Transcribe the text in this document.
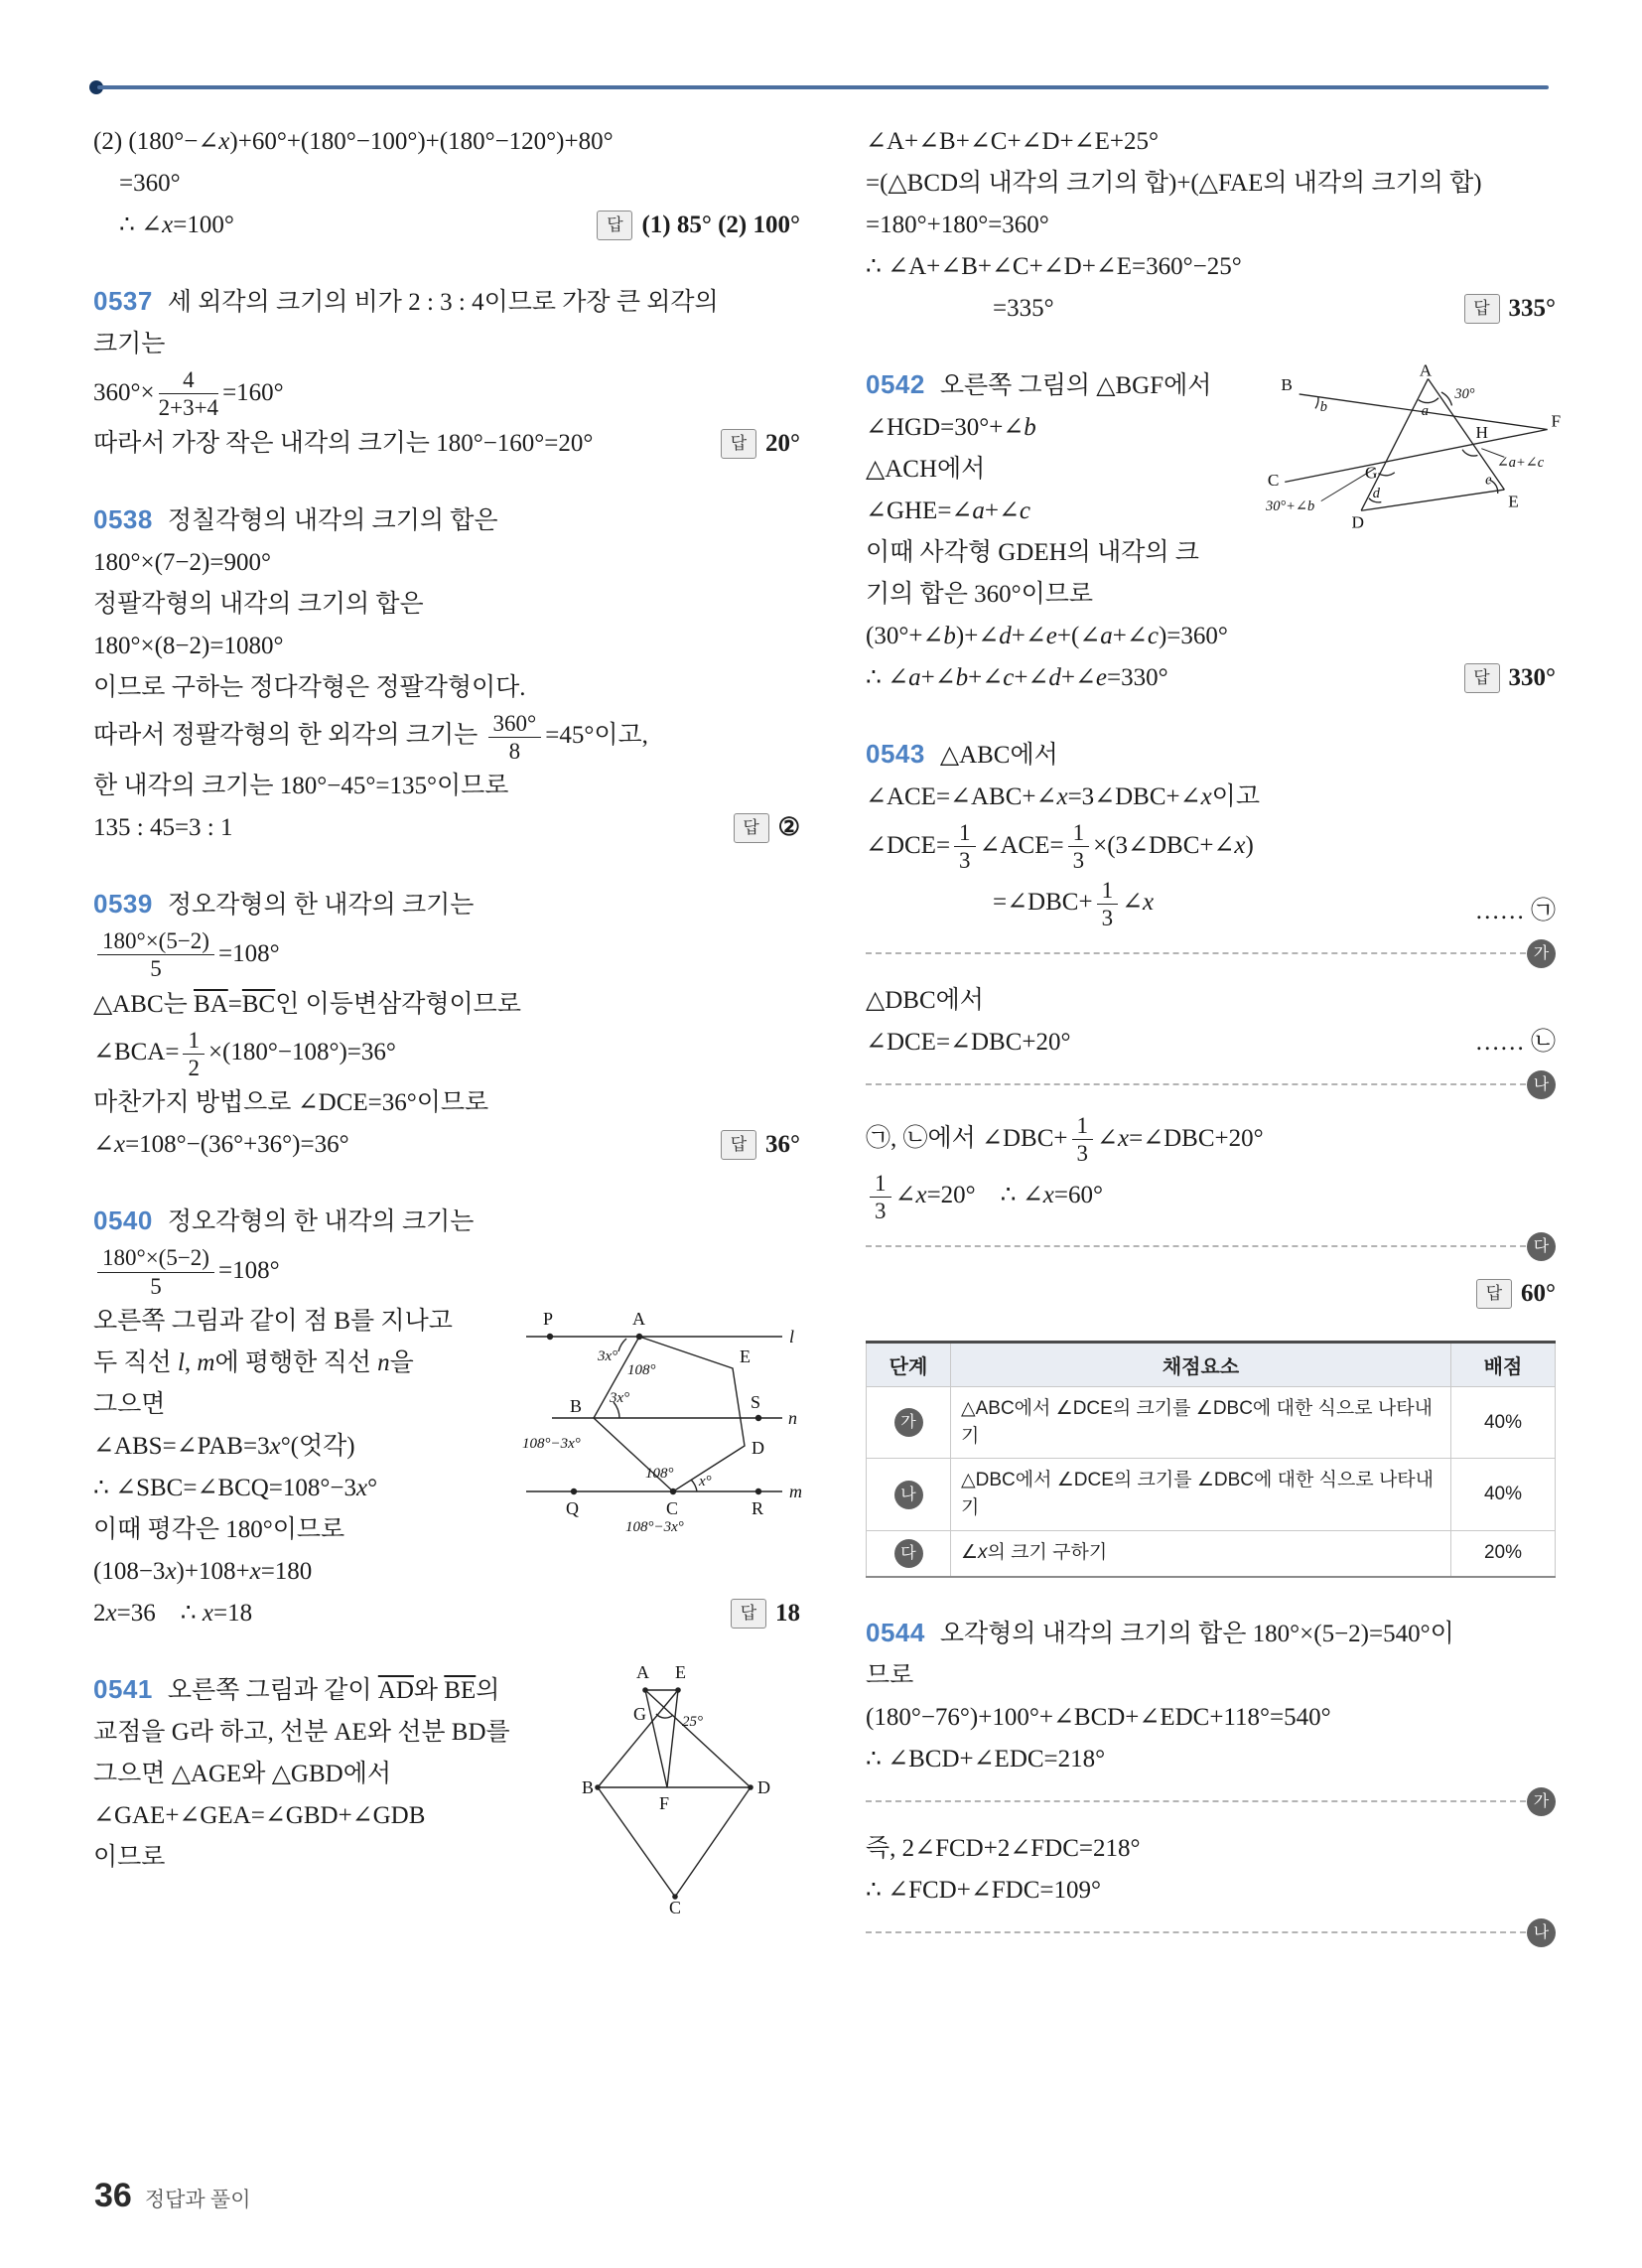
(2) (180°−∠x)+60°+(180°−100°)+(180°−120°)+80°
=360°
∴ ∠x=100°	답 (1) 85° (2) 100°
0537 세 외각의 크기의 비가 2 : 3 : 4이므로 가장 큰 외각의
크기는
$360^\circ\times \frac{4}{2+3+4} =160^\circ$
따라서 가장 작은 내각의 크기는 180°−160°=20°	답 20°
0538 정칠각형의 내각의 크기의 합은
180°×(7−2)=900°
정팔각형의 내각의 크기의 합은
180°×(8−2)=1080°
이므로 구하는 정다각형은 정팔각형이다.
따라서 정팔각형의 한 외각의 크기는 $\frac{360^\circ}{8} =45^\circ$이고,
한 내각의 크기는 180°−45°=135°이므로
135 : 45=3 : 1	답 ②
0539 정오각형의 한 내각의 크기는
$\frac{180^\circ\times(5-2)}{5} =108^\circ$
△ABC는 $\overline{BA}=\overline{BC}$인 이등변삼각형이므로
∠BCA= $\frac{1}{2} \times(180^\circ-108^\circ)=36^\circ$
마찬가지 방법으로 ∠DCE=36°이므로
∠x=108°−(36°+36°)=36°	답 36°
0540 정오각형의 한 내각의 크기는
$\frac{180^\circ\times(5-2)}{5} =108^\circ$
오른쪽 그림과 같이 점 B를 지나고
두 직선 l, m에 평행한 직선 n을
그으면
∠ABS=∠PAB=3x°(엇각)
∴ ∠SBC=∠BCQ=108°−3x°
이때 평각은 180°이므로
(108−3x)+108+x=180
2x=36    ∴ x=18	답 18
P	A
E
l
S
n
B
D
Q	C	R
m
3x°
108°
3x°
108°−3x°
108° x°
108°−3x°
0541 오른쪽 그림과 같이 $\overline{AD}$와 $\overline{BE}$의
교점을 G라 하고, 선분 AE와 선분 BD를
그으면 △AGE와 △GBD에서
∠GAE+∠GEA=∠GBD+∠GDB
이므로
A E
G 25°
B	D
F
C
∠A+∠B+∠C+∠D+∠E+25°
=(△BCD의 내각의 크기의 합)+(△FAE의 내각의 크기의 합)
=180°+180°=360°
∴ ∠A+∠B+∠C+∠D+∠E=360°−25°
=335°	답 335°
0542 오른쪽 그림의 △BGF에서
∠HGD=30°+∠b
△ACH에서
∠GHE=∠a+∠c
이때 사각형 GDEH의 내각의 크
기의 합은 360°이므로
(30°+∠b)+∠d+∠e+(∠a+∠c)=360°
∴ ∠a+∠b+∠c+∠d+∠e=330°	답 330°
A
a
30°
B
b
C
30°+∠b
G
d
D
E
e
H
F
∠a+∠c
0543 △ABC에서
∠ACE=∠ABC+∠x=3∠DBC+∠x이고
∠DCE= $\frac{1}{3}$ ∠ACE= $\frac{1}{3}$ ×(3∠DBC+∠x)
=∠DBC+ $\frac{1}{3}$ ∠x	…… ㉠
가
△DBC에서
∠DCE=∠DBC+20°	…… ㉡
나
㉠, ㉡에서 ∠DBC+ $\frac{1}{3}$ ∠x=∠DBC+20°
$\frac{1}{3}$ ∠x=20°    ∴ ∠x=60°
다
답 60°
단계	채점요소	배점
가	△ABC에서 ∠DCE의 크기를 ∠DBC에 대한 식으로 나타내기	40%
나	△DBC에서 ∠DCE의 크기를 ∠DBC에 대한 식으로 나타내기	40%
다	∠x의 크기 구하기	20%
0544 오각형의 내각의 크기의 합은 180°×(5−2)=540°이
므로
(180°−76°)+100°+∠BCD+∠EDC+118°=540°
∴ ∠BCD+∠EDC=218°
가
즉, 2∠FCD+2∠FDC=218°
∴ ∠FCD+∠FDC=109°
나
36 정답과 풀이
